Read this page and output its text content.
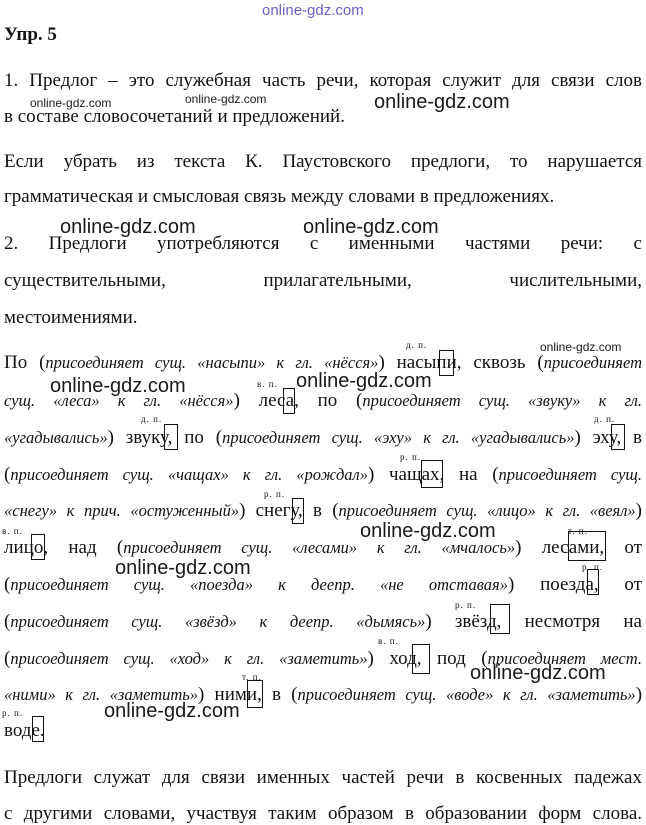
online-gdz.com
online-gdz.com	online-gdz.com	online-gdz.com
online-gdz.com	online-gdz.com
online-gdz.com
online-gdz.com	online-gdz.com
online-gdz.com
online-gdz.com
online-gdz.com
online-gdz.com
Упр. 5
1. Предлог – это служебная часть речи, которая служит для связи слов
в составе словосочетаний и предложений.
Если убрать из текста К. Паустовского предлоги, то нарушается
грамматическая и смысловая связь между словами в предложениях.
2. Предлоги употребляются с именными частями речи: с
существительными, прилагательными, числительными,
местоимениями.
По (присоединяет сущ. «насыпи» к гл. «нёсся») насыпи, сквозь (присоединяет
сущ. «леса» к гл. «нёсся») леса, по (присоединяет сущ. «звуку» к гл.
«угадывались») звуку, по (присоединяет сущ. «эху» к гл. «угадывались») эху, в
(присоединяет сущ. «чащах» к гл. «рождал») чащах, на (присоединяет сущ.
«снегу» к прич. «остуженный») снегу, в (присоединяет сущ. «лицо» к гл. «веял»)
лицо, над (присоединяет сущ. «лесами» к гл. «мчалось») лесами, от
(присоединяет сущ. «поезда» к деепр. «не отставая») поезда, от
(присоединяет сущ. «звёзд» к деепр. «дымясь») звёзд, несмотря на
(присоединяет сущ. «ход» к гл. «заметить») ход, под (присоединяет мест.
«ними» к гл. «заметить») ними, в (присоединяет сущ. «воде» к гл. «заметить»)
воде.
д. п.
в. п.
д. п.	д. п.
р. п.
р. п.
в. п.	т. п.
р. п.
р. п.
в. п.
т. п.
р. п.
Предлоги служат для связи именных частей речи в косвенных падежах
с другими словами, участвуя таким образом в образовании форм слова.
